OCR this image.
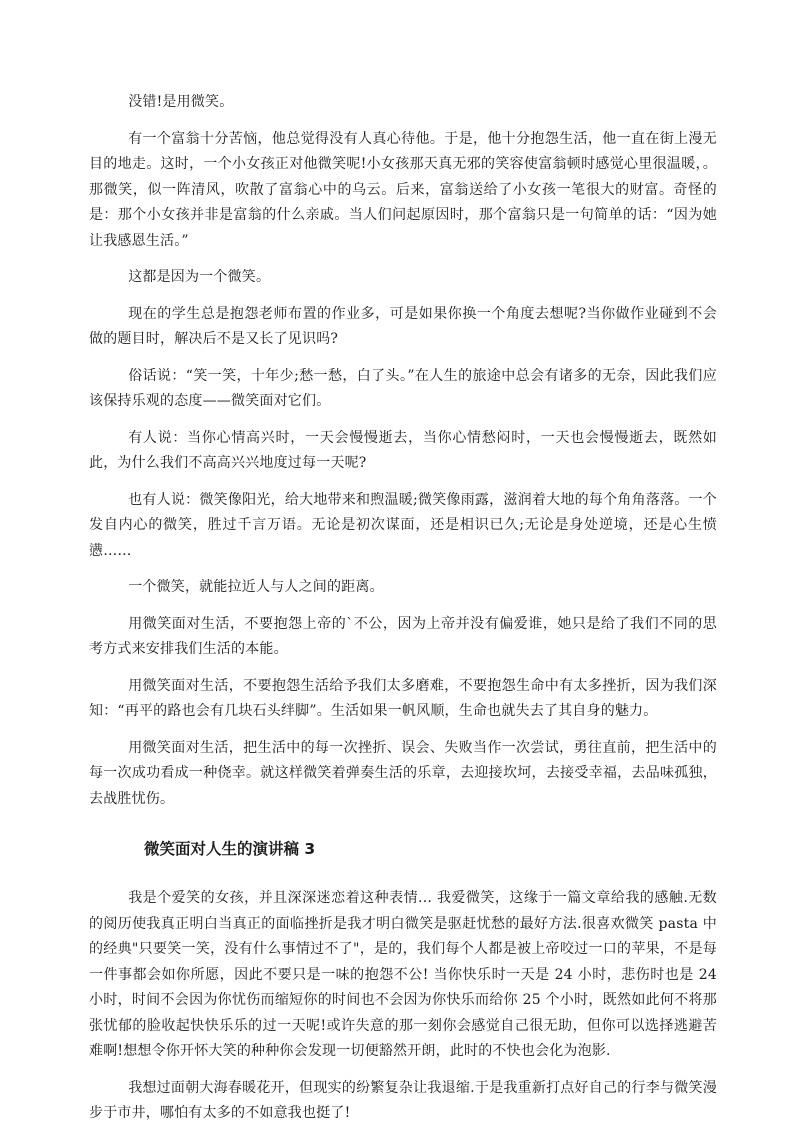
没错!是用微笑。

有一个富翁十分苦恼，他总觉得没有人真心待他。于是，他十分抱怨生活，他一直在街上漫无目的地走。这时，一个小女孩正对他微笑呢!小女孩那天真无邪的笑容使富翁顿时感觉心里很温暖，。那微笑，似一阵清风，吹散了富翁心中的乌云。后来，富翁送给了小女孩一笔很大的财富。奇怪的是：那个小女孩并非是富翁的什么亲戚。当人们问起原因时，那个富翁只是一句简单的话：“因为她让我感恩生活。”

这都是因为一个微笑。

现在的学生总是抱怨老师布置的作业多，可是如果你换一个角度去想呢?当你做作业碰到不会做的题目时，解决后不是又长了见识吗?

俗话说：“笑一笑，十年少;愁一愁，白了头。”在人生的旅途中总会有诸多的无奈，因此我们应该保持乐观的态度——微笑面对它们。

有人说：当你心情高兴时，一天会慢慢逝去，当你心情愁闷时，一天也会慢慢逝去，既然如此，为什么我们不高高兴兴地度过每一天呢?

也有人说：微笑像阳光，给大地带来和煦温暖;微笑像雨露，滋润着大地的每个角角落落。一个发自内心的微笑，胜过千言万语。无论是初次谋面，还是相识已久;无论是身处逆境，还是心生愤懑……

一个微笑，就能拉近人与人之间的距离。

用微笑面对生活，不要抱怨上帝的`不公，因为上帝并没有偏爱谁，她只是给了我们不同的思考方式来安排我们生活的本能。

用微笑面对生活，不要抱怨生活给予我们太多磨难，不要抱怨生命中有太多挫折，因为我们深知：“再平的路也会有几块石头绊脚”。生活如果一帆风顺，生命也就失去了其自身的魅力。

用微笑面对生活，把生活中的每一次挫折、误会、失败当作一次尝试，勇往直前，把生活中的每一次成功看成一种侥幸。就这样微笑着弹奏生活的乐章，去迎接坎坷，去接受幸福，去品味孤独，去战胜忧伤。

微笑面对人生的演讲稿 3

我是个爱笑的女孩，并且深深迷恋着这种表情... 我爱微笑，这缘于一篇文章给我的感触.无数的阅历使我真正明白当真正的面临挫折是我才明白微笑是驱赶忧愁的最好方法.很喜欢微笑 pasta 中的经典"只要笑一笑，没有什么事情过不了"，是的，我们每个人都是被上帝咬过一口的苹果，不是每一件事都会如你所愿，因此不要只是一味的抱怨不公! 当你快乐时一天是 24 小时，悲伤时也是 24 小时，时间不会因为你忧伤而缩短你的时间也不会因为你快乐而给你 25 个小时，既然如此何不将那张忧郁的脸收起快快乐乐的过一天呢!或许失意的那一刻你会感觉自己很无助，但你可以选择逃避苦难啊!想想令你开怀大笑的种种你会发现一切便豁然开朗，此时的不快也会化为泡影.

我想过面朝大海春暖花开，但现实的纷繁复杂让我退缩.于是我重新打点好自己的行李与微笑漫步于市井，哪怕有太多的不如意我也挺了!
